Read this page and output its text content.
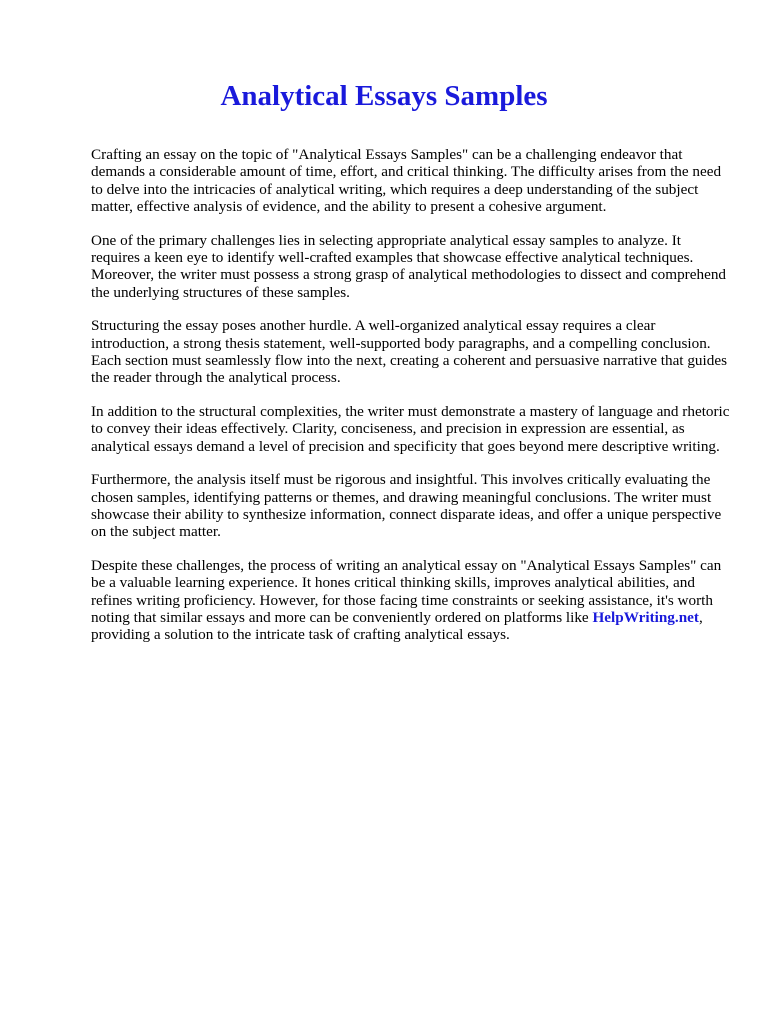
Analytical Essays Samples

Crafting an essay on the topic of "Analytical Essays Samples" can be a challenging endeavor that demands a considerable amount of time, effort, and critical thinking. The difficulty arises from the need to delve into the intricacies of analytical writing, which requires a deep understanding of the subject matter, effective analysis of evidence, and the ability to present a cohesive argument.

One of the primary challenges lies in selecting appropriate analytical essay samples to analyze. It requires a keen eye to identify well-crafted examples that showcase effective analytical techniques. Moreover, the writer must possess a strong grasp of analytical methodologies to dissect and comprehend the underlying structures of these samples.

Structuring the essay poses another hurdle. A well-organized analytical essay requires a clear introduction, a strong thesis statement, well-supported body paragraphs, and a compelling conclusion. Each section must seamlessly flow into the next, creating a coherent and persuasive narrative that guides the reader through the analytical process.

In addition to the structural complexities, the writer must demonstrate a mastery of language and rhetoric to convey their ideas effectively. Clarity, conciseness, and precision in expression are essential, as analytical essays demand a level of precision and specificity that goes beyond mere descriptive writing.

Furthermore, the analysis itself must be rigorous and insightful. This involves critically evaluating the chosen samples, identifying patterns or themes, and drawing meaningful conclusions. The writer must showcase their ability to synthesize information, connect disparate ideas, and offer a unique perspective on the subject matter.

Despite these challenges, the process of writing an analytical essay on "Analytical Essays Samples" can be a valuable learning experience. It hones critical thinking skills, improves analytical abilities, and refines writing proficiency. However, for those facing time constraints or seeking assistance, it's worth noting that similar essays and more can be conveniently ordered on platforms like HelpWriting.net, providing a solution to the intricate task of crafting analytical essays.
